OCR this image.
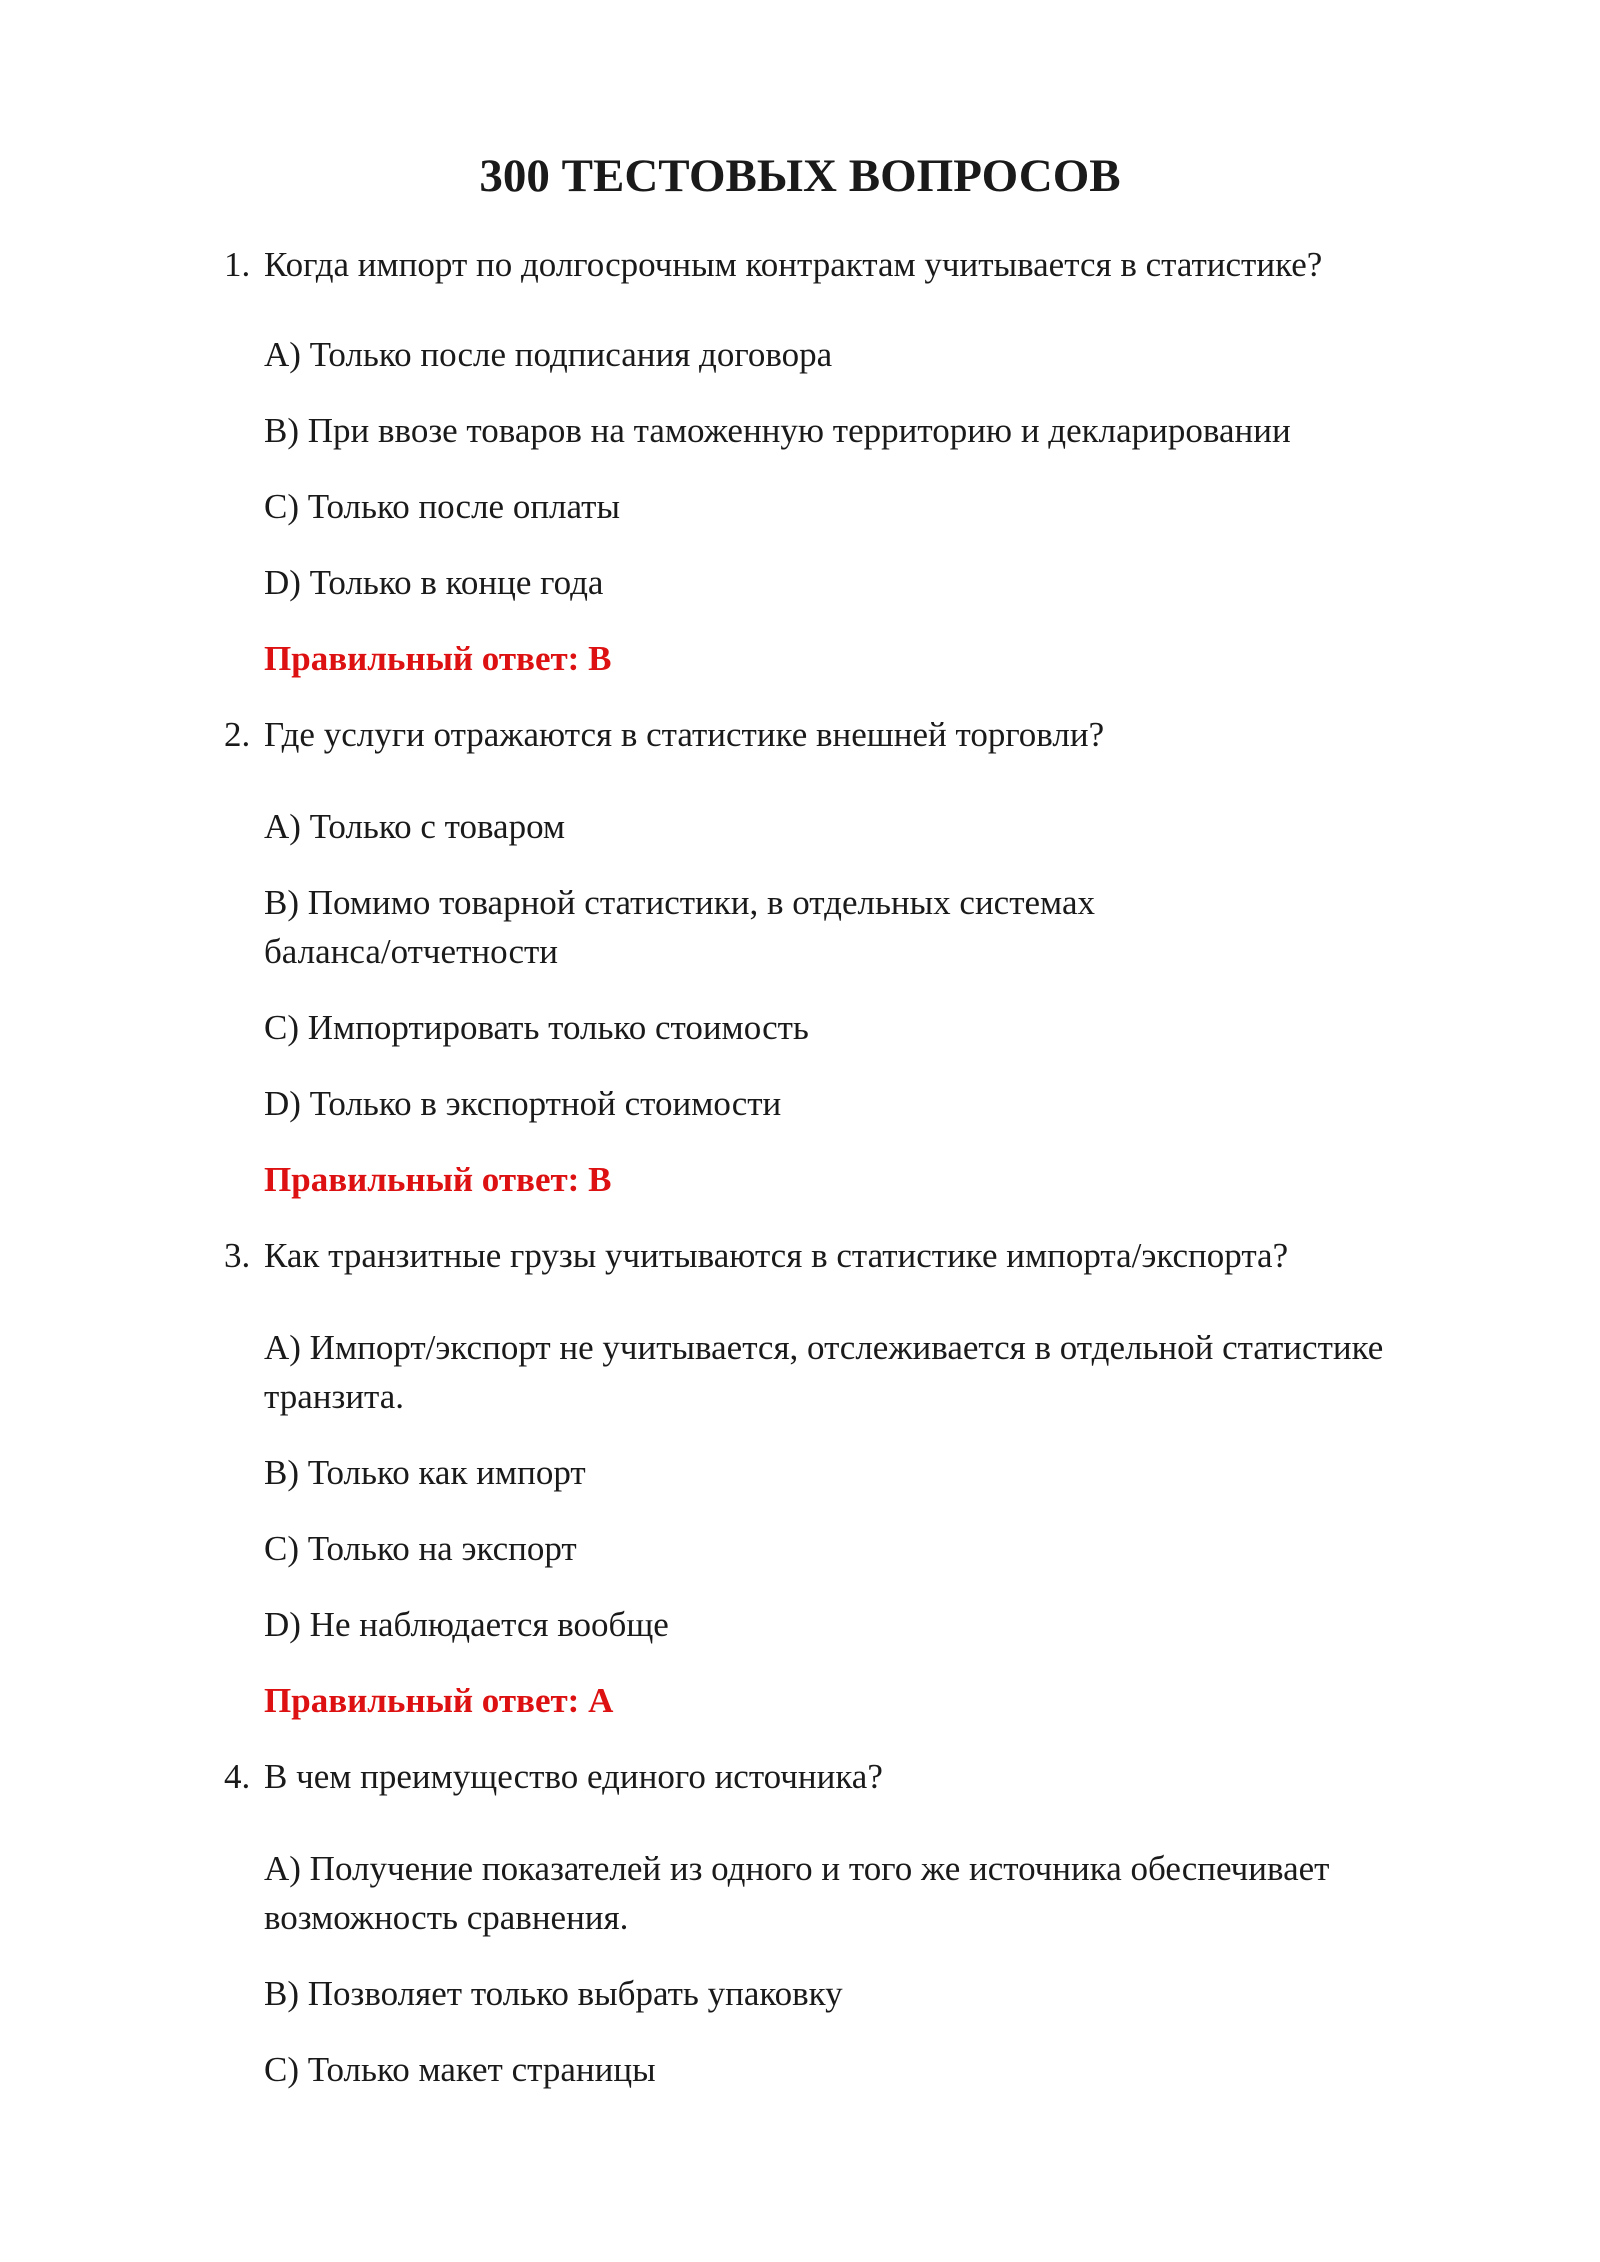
300 ТЕСТОВЫХ ВОПРОСОВ

1. Когда импорт по долгосрочным контрактам учитывается в статистике?

A) Только после подписания договора

B) При ввозе товаров на таможенную территорию и декларировании

C) Только после оплаты

D) Только в конце года

Правильный ответ: B

2. Где услуги отражаются в статистике внешней торговли?

A) Только с товаром

B) Помимо товарной статистики, в отдельных системах баланса/отчетности

C) Импортировать только стоимость

D) Только в экспортной стоимости

Правильный ответ: B

3. Как транзитные грузы учитываются в статистике импорта/экспорта?

A) Импорт/экспорт не учитывается, отслеживается в отдельной статистике транзита.

B) Только как импорт

C) Только на экспорт

D) Не наблюдается вообще

Правильный ответ: A

4. В чем преимущество единого источника?

A) Получение показателей из одного и того же источника обеспечивает возможность сравнения.

B) Позволяет только выбрать упаковку

C) Только макет страницы
